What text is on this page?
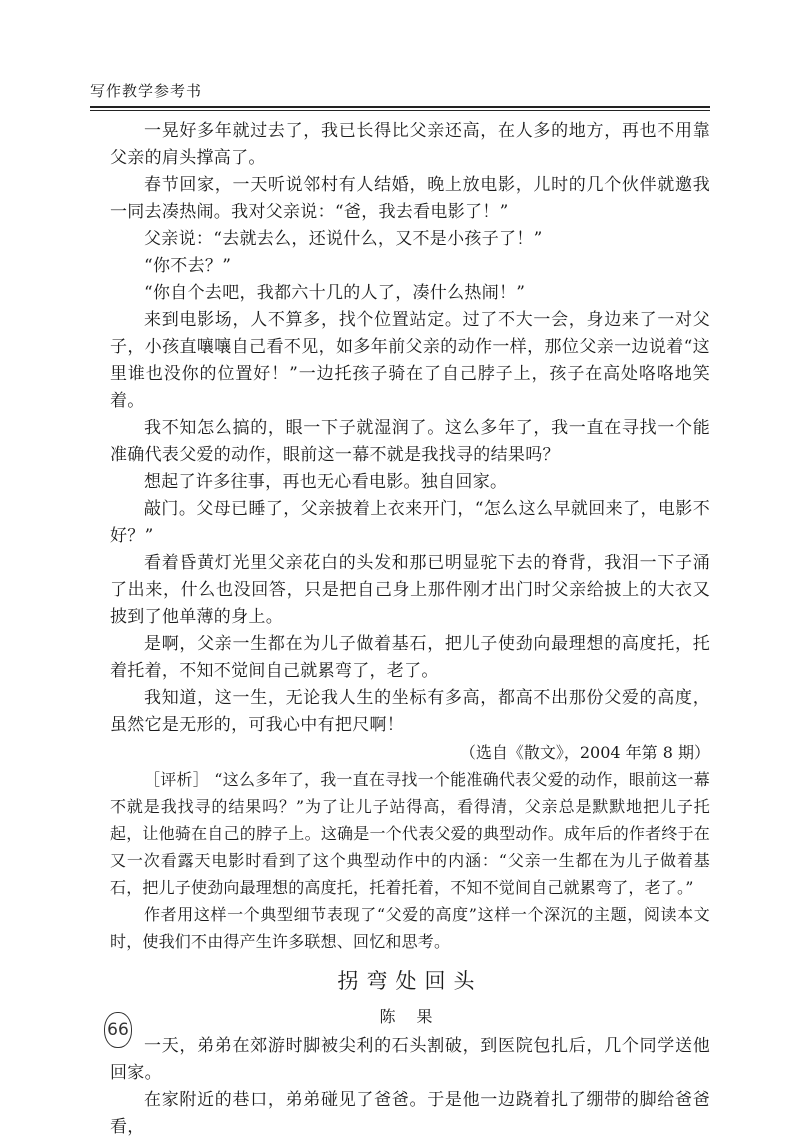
写作教学参考书

一晃好多年就过去了，我已长得比父亲还高，在人多的地方，再也不用靠父亲的肩头撑高了。

春节回家，一天听说邻村有人结婚，晚上放电影，儿时的几个伙伴就邀我一同去凑热闹。我对父亲说：“爸，我去看电影了！”

父亲说：“去就去么，还说什么，又不是小孩子了！”

“你不去？”

“你自个去吧，我都六十几的人了，凑什么热闹！”

来到电影场，人不算多，找个位置站定。过了不大一会，身边来了一对父子，小孩直嚷嚷自己看不见，如多年前父亲的动作一样，那位父亲一边说着“这里谁也没你的位置好！”一边托孩子骑在了自己脖子上，孩子在高处咯咯地笑着。

我不知怎么搞的，眼一下子就湿润了。这么多年了，我一直在寻找一个能准确代表父爱的动作，眼前这一幕不就是我找寻的结果吗？

想起了许多往事，再也无心看电影。独自回家。

敲门。父母已睡了，父亲披着上衣来开门，“怎么这么早就回来了，电影不好？”

看着昏黄灯光里父亲花白的头发和那已明显驼下去的脊背，我泪一下子涌了出来，什么也没回答，只是把自己身上那件刚才出门时父亲给披上的大衣又披到了他单薄的身上。

是啊，父亲一生都在为儿子做着基石，把儿子使劲向最理想的高度托，托着托着，不知不觉间自己就累弯了，老了。

我知道，这一生，无论我人生的坐标有多高，都高不出那份父爱的高度，虽然它是无形的，可我心中有把尺啊！

（选自《散文》，2004 年第 8 期）

［评析］ “这么多年了，我一直在寻找一个能准确代表父爱的动作，眼前这一幕不就是我找寻的结果吗？”为了让儿子站得高，看得清，父亲总是默默地把儿子托起，让他骑在自己的脖子上。这确是一个代表父爱的典型动作。成年后的作者终于在又一次看露天电影时看到了这个典型动作中的内涵：“父亲一生都在为儿子做着基石，把儿子使劲向最理想的高度托，托着托着，不知不觉间自己就累弯了，老了。”

作者用这样一个典型细节表现了“父爱的高度”这样一个深沉的主题，阅读本文时，使我们不由得产生许多联想、回忆和思考。

拐弯处回头
陈 果

一天，弟弟在郊游时脚被尖利的石头割破，到医院包扎后，几个同学送他回家。

在家附近的巷口，弟弟碰见了爸爸。于是他一边跷着扎了绷带的脚给爸爸看，

66
